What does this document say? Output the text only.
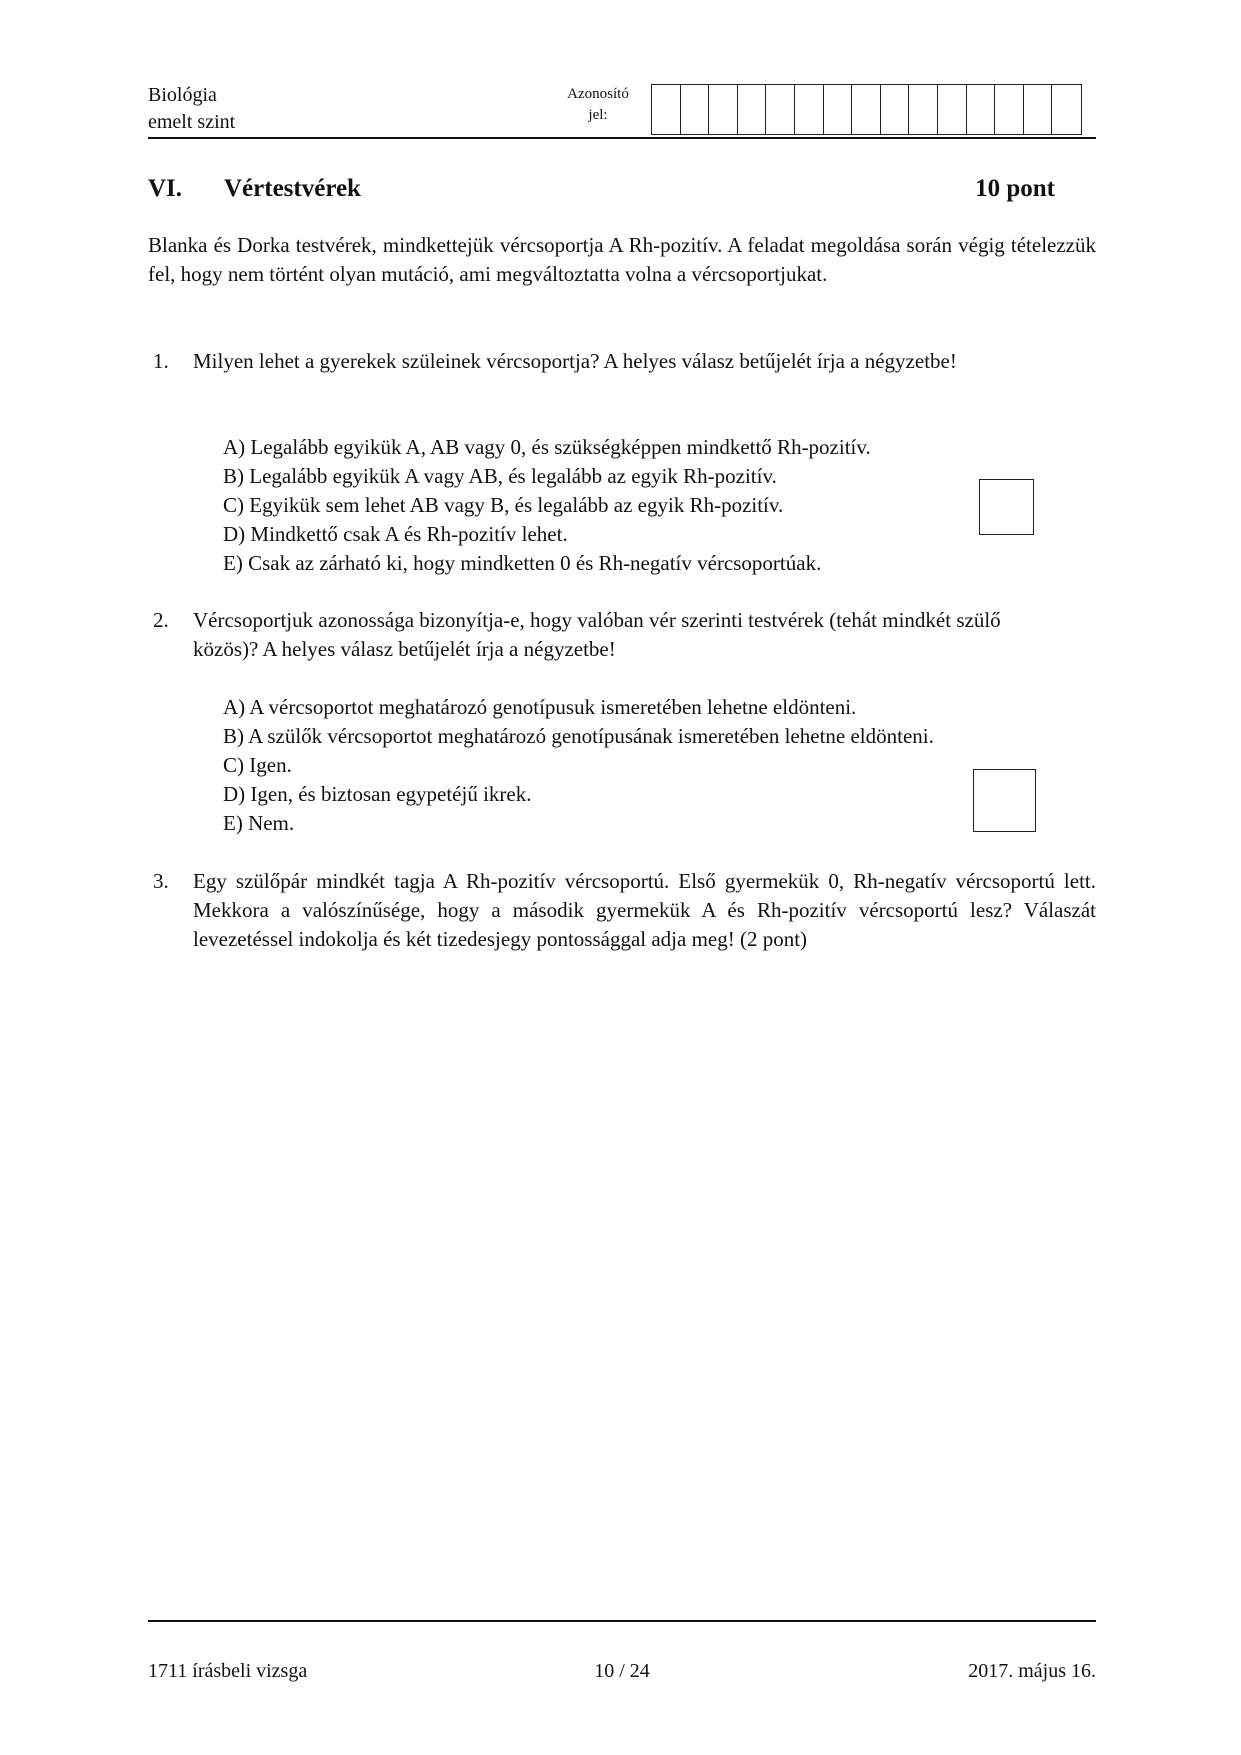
Biológia
emelt szint
Azonosító
jel:
VI. Vértestvérek	10 pont
Blanka és Dorka testvérek, mindkettejük vércsoportja A Rh-pozitív. A feladat megoldása során végig tételezzük fel, hogy nem történt olyan mutáció, ami megváltoztatta volna a vércsoportjukat.
1. Milyen lehet a gyerekek szüleinek vércsoportja? A helyes válasz betűjelét írja a négyzetbe!
A) Legalább egyikük A, AB vagy 0, és szükségképpen mindkettő Rh-pozitív.
B) Legalább egyikük A vagy AB, és legalább az egyik Rh-pozitív.
C) Egyikük sem lehet AB vagy B, és legalább az egyik Rh-pozitív.
D) Mindkettő csak A és Rh-pozitív lehet.
E) Csak az zárható ki, hogy mindketten 0 és Rh-negatív vércsoportúak.
2. Vércsoportjuk azonossága bizonyítja-e, hogy valóban vér szerinti testvérek (tehát mindkét szülő közös)? A helyes válasz betűjelét írja a négyzetbe!
A) A vércsoportot meghatározó genotípusuk ismeretében lehetne eldönteni.
B) A szülők vércsoportot meghatározó genotípusának ismeretében lehetne eldönteni.
C) Igen.
D) Igen, és biztosan egypetéjű ikrek.
E) Nem.
3. Egy szülőpár mindkét tagja A Rh-pozitív vércsoportú. Első gyermekük 0, Rh-negatív vércsoportú lett. Mekkora a valószínűsége, hogy a második gyermekük A és Rh-pozitív vércsoportú lesz? Válaszát levezetéssel indokolja és két tizedesjegy pontossággal adja meg! (2 pont)
1711 írásbeli vizsga	10 / 24	2017. május 16.
